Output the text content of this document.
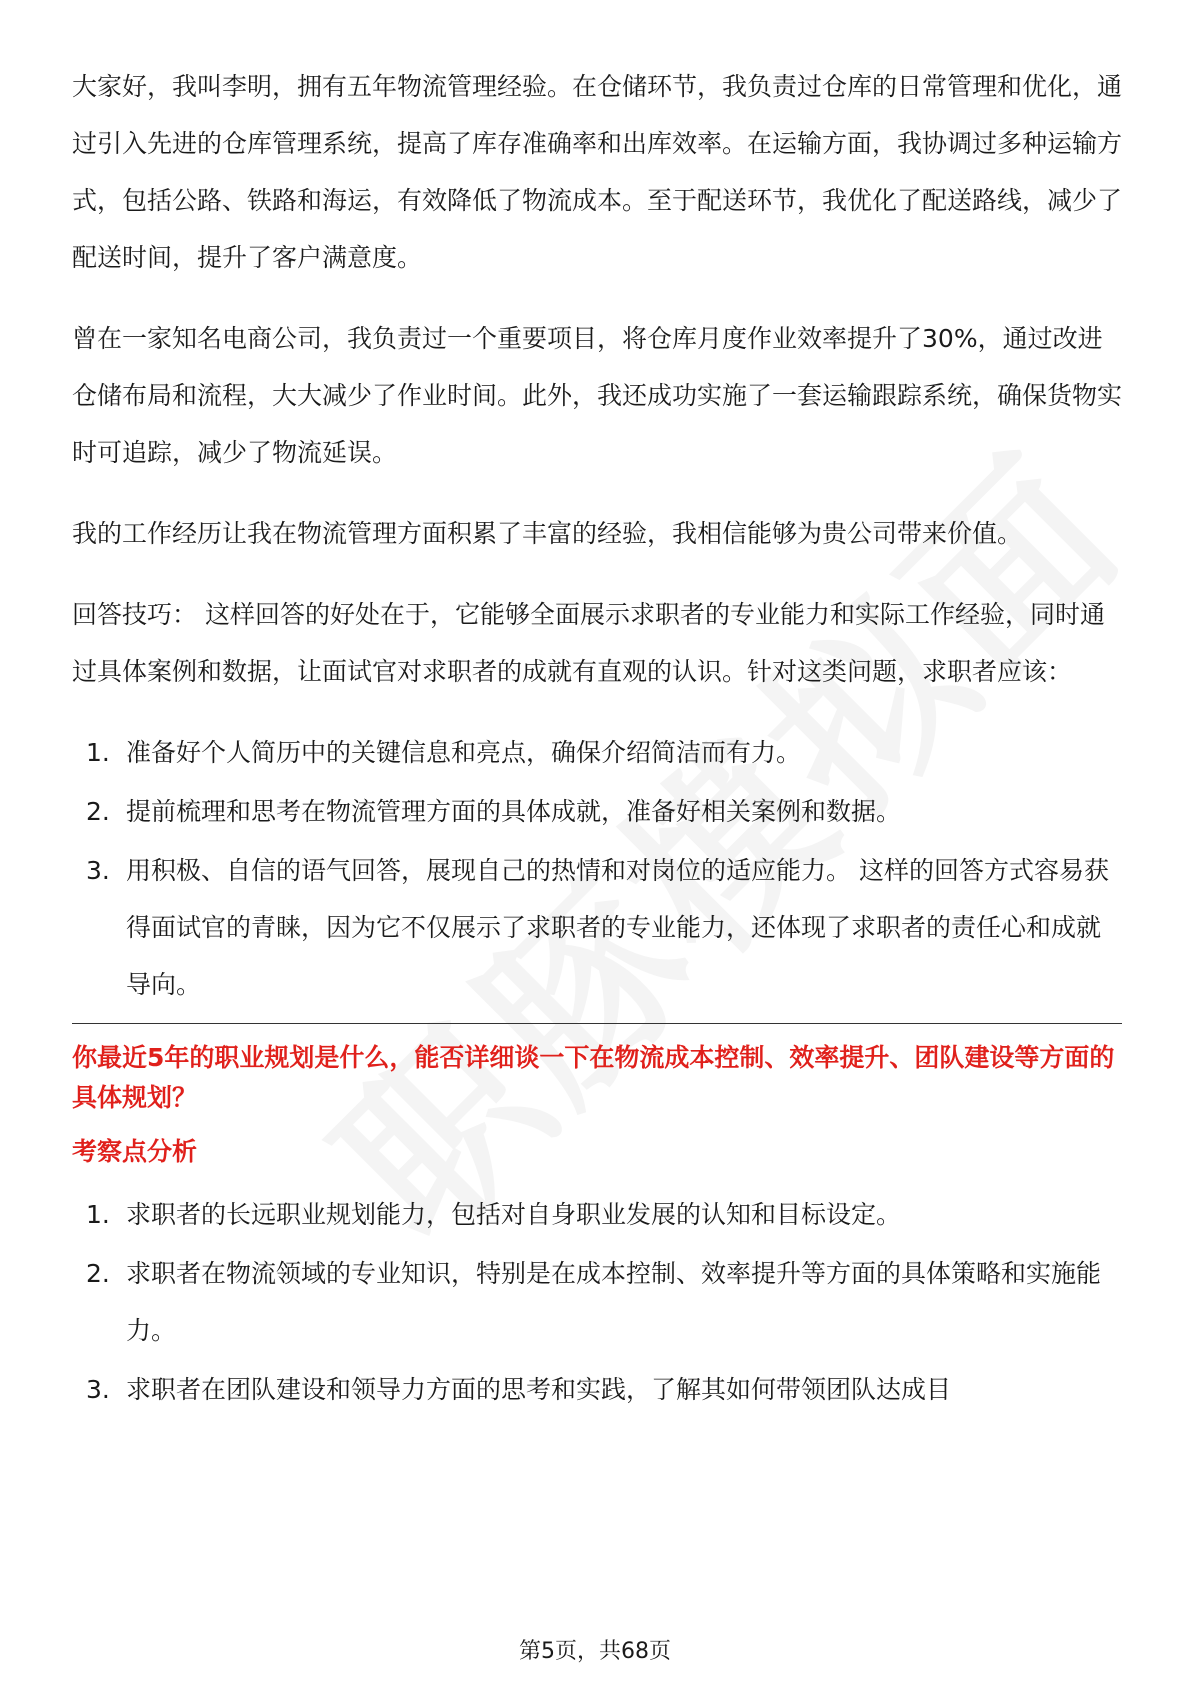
大家好，我叫李明，拥有五年物流管理经验。在仓储环节，我负责过仓库的日常管理和优化，通过引入先进的仓库管理系统，提高了库存准确率和出库效率。在运输方面，我协调过多种运输方式，包括公路、铁路和海运，有效降低了物流成本。至于配送环节，我优化了配送路线，减少了配送时间，提升了客户满意度。

曾在一家知名电商公司，我负责过一个重要项目，将仓库月度作业效率提升了30%，通过改进仓储布局和流程，大大减少了作业时间。此外，我还成功实施了一套运输跟踪系统，确保货物实时可追踪，减少了物流延误。

我的工作经历让我在物流管理方面积累了丰富的经验，我相信能够为贵公司带来价值。

回答技巧： 这样回答的好处在于，它能够全面展示求职者的专业能力和实际工作经验，同时通过具体案例和数据，让面试官对求职者的成就有直观的认识。针对这类问题，求职者应该：

1. 准备好个人简历中的关键信息和亮点，确保介绍简洁而有力。
2. 提前梳理和思考在物流管理方面的具体成就，准备好相关案例和数据。
3. 用积极、自信的语气回答，展现自己的热情和对岗位的适应能力。 这样的回答方式容易获得面试官的青睐，因为它不仅展示了求职者的专业能力，还体现了求职者的责任心和成就导向。
你最近5年的职业规划是什么，能否详细谈一下在物流成本控制、效率提升、团队建设等方面的具体规划？
考察点分析
1. 求职者的长远职业规划能力，包括对自身职业发展的认知和目标设定。
2. 求职者在物流领域的专业知识，特别是在成本控制、效率提升等方面的具体策略和实施能力。
3. 求职者在团队建设和领导力方面的思考和实践，了解其如何带领团队达成目
第5页，共68页
